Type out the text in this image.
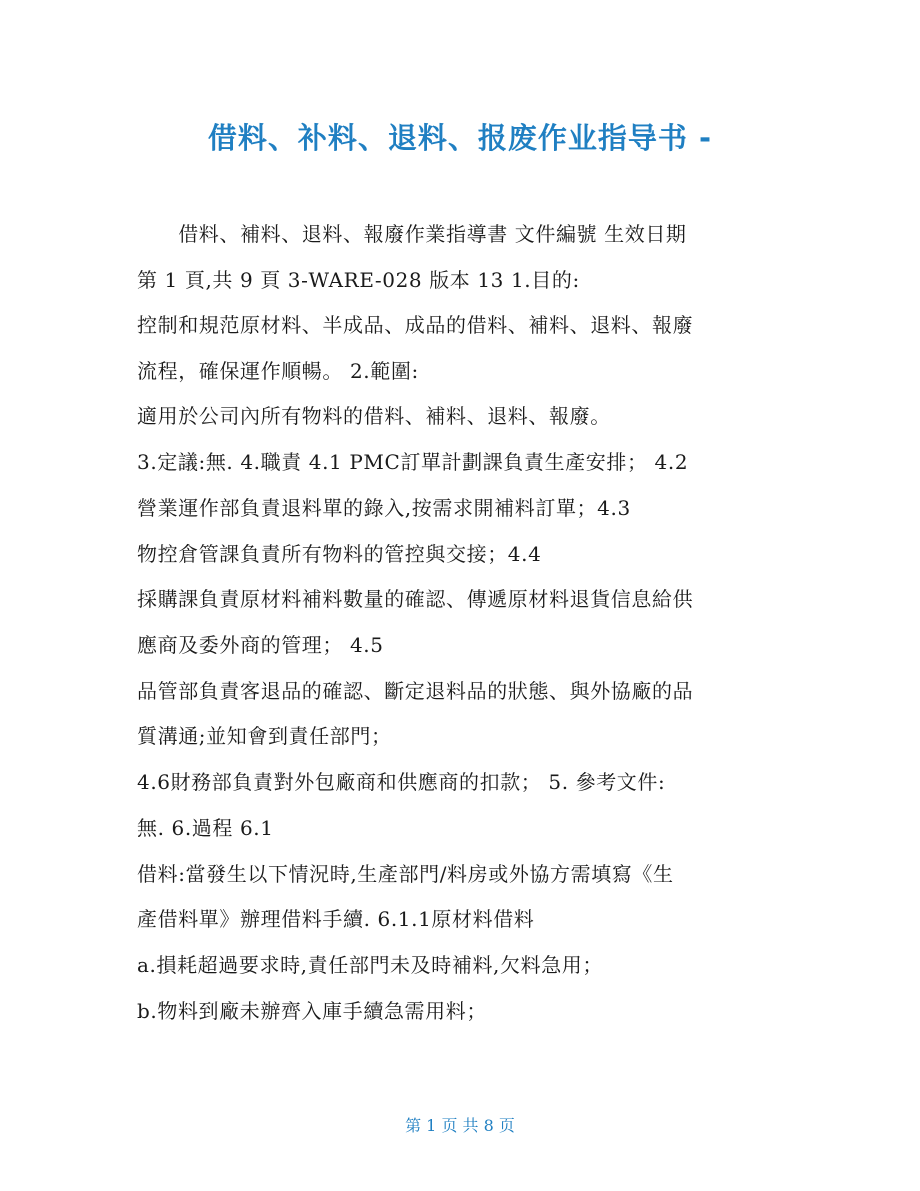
借料、补料、退料、报废作业指导书 -
　　借料、補料、退料、報廢作業指導書 文件編號 生效日期
第 1 頁,共 9 頁 3-WARE-028 版本 13 1.目的:
控制和規范原材料、半成品、成品的借料、補料、退料、報廢
流程，確保運作順暢。 2.範圍:
適用於公司內所有物料的借料、補料、退料、報廢。
3.定議:無. 4.職責 4.1 PMC訂單計劃課負責生產安排； 4.2
營業運作部負責退料單的錄入,按需求開補料訂單；4.3
物控倉管課負責所有物料的管控與交接；4.4
採購課負責原材料補料數量的確認、傳遞原材料退貨信息給供
應商及委外商的管理； 4.5
品管部負責客退品的確認、斷定退料品的狀態、與外協廠的品
質溝通;並知會到責任部門；
4.6財務部負責對外包廠商和供應商的扣款； 5. 參考文件:
無. 6.過程 6.1
借料:當發生以下情況時,生產部門/料房或外協方需填寫《生
產借料單》辦理借料手續. 6.1.1原材料借料
a.損耗超過要求時,責任部門未及時補料,欠料急用；
b.物料到廠未辦齊入庫手續急需用料；
第 1 页 共 8 页
